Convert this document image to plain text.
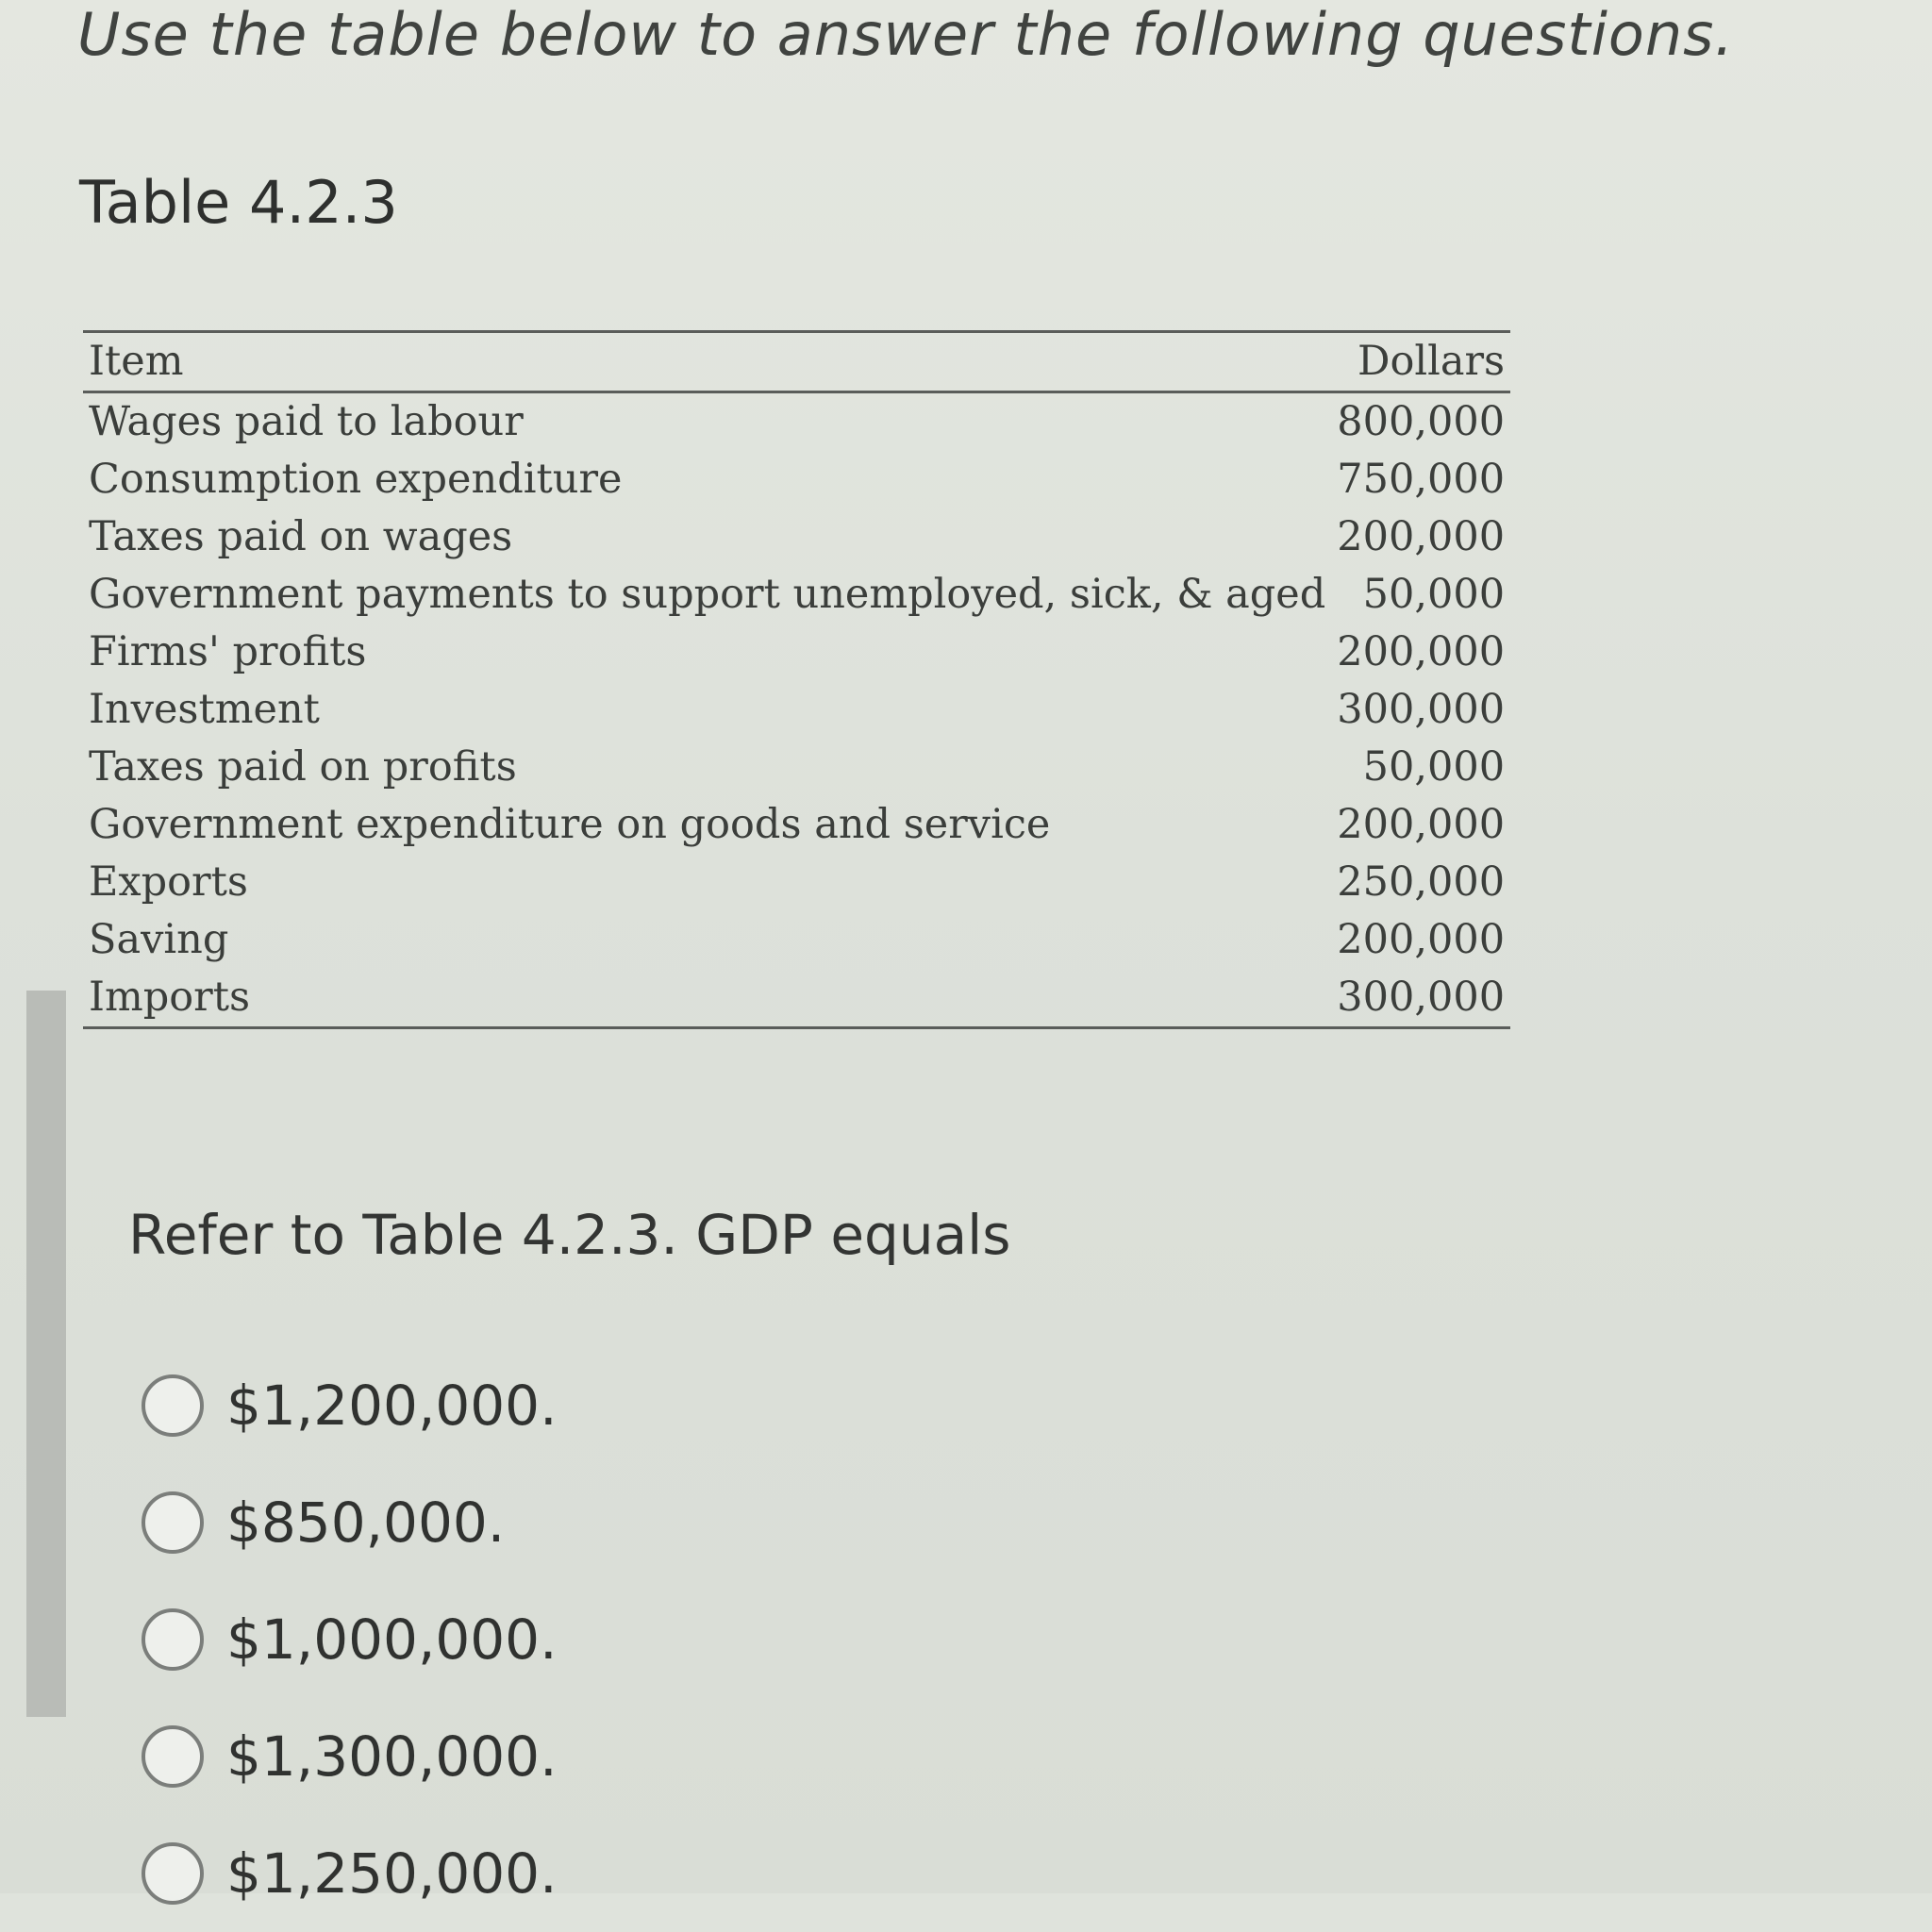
Use the table below to answer the following questions.
Table 4.2.3
Item	Dollars
Wages paid to labour	800,000
Consumption expenditure	750,000
Taxes paid on wages	200,000
Government payments to support unemployed, sick, & aged	50,000
Firms' profits	200,000
Investment	300,000
Taxes paid on profits	50,000
Government expenditure on goods and service	200,000
Exports	250,000
Saving	200,000
Imports	300,000
Refer to Table 4.2.3. GDP equals
$1,200,000.
$850,000.
$1,000,000.
$1,300,000.
$1,250,000.
